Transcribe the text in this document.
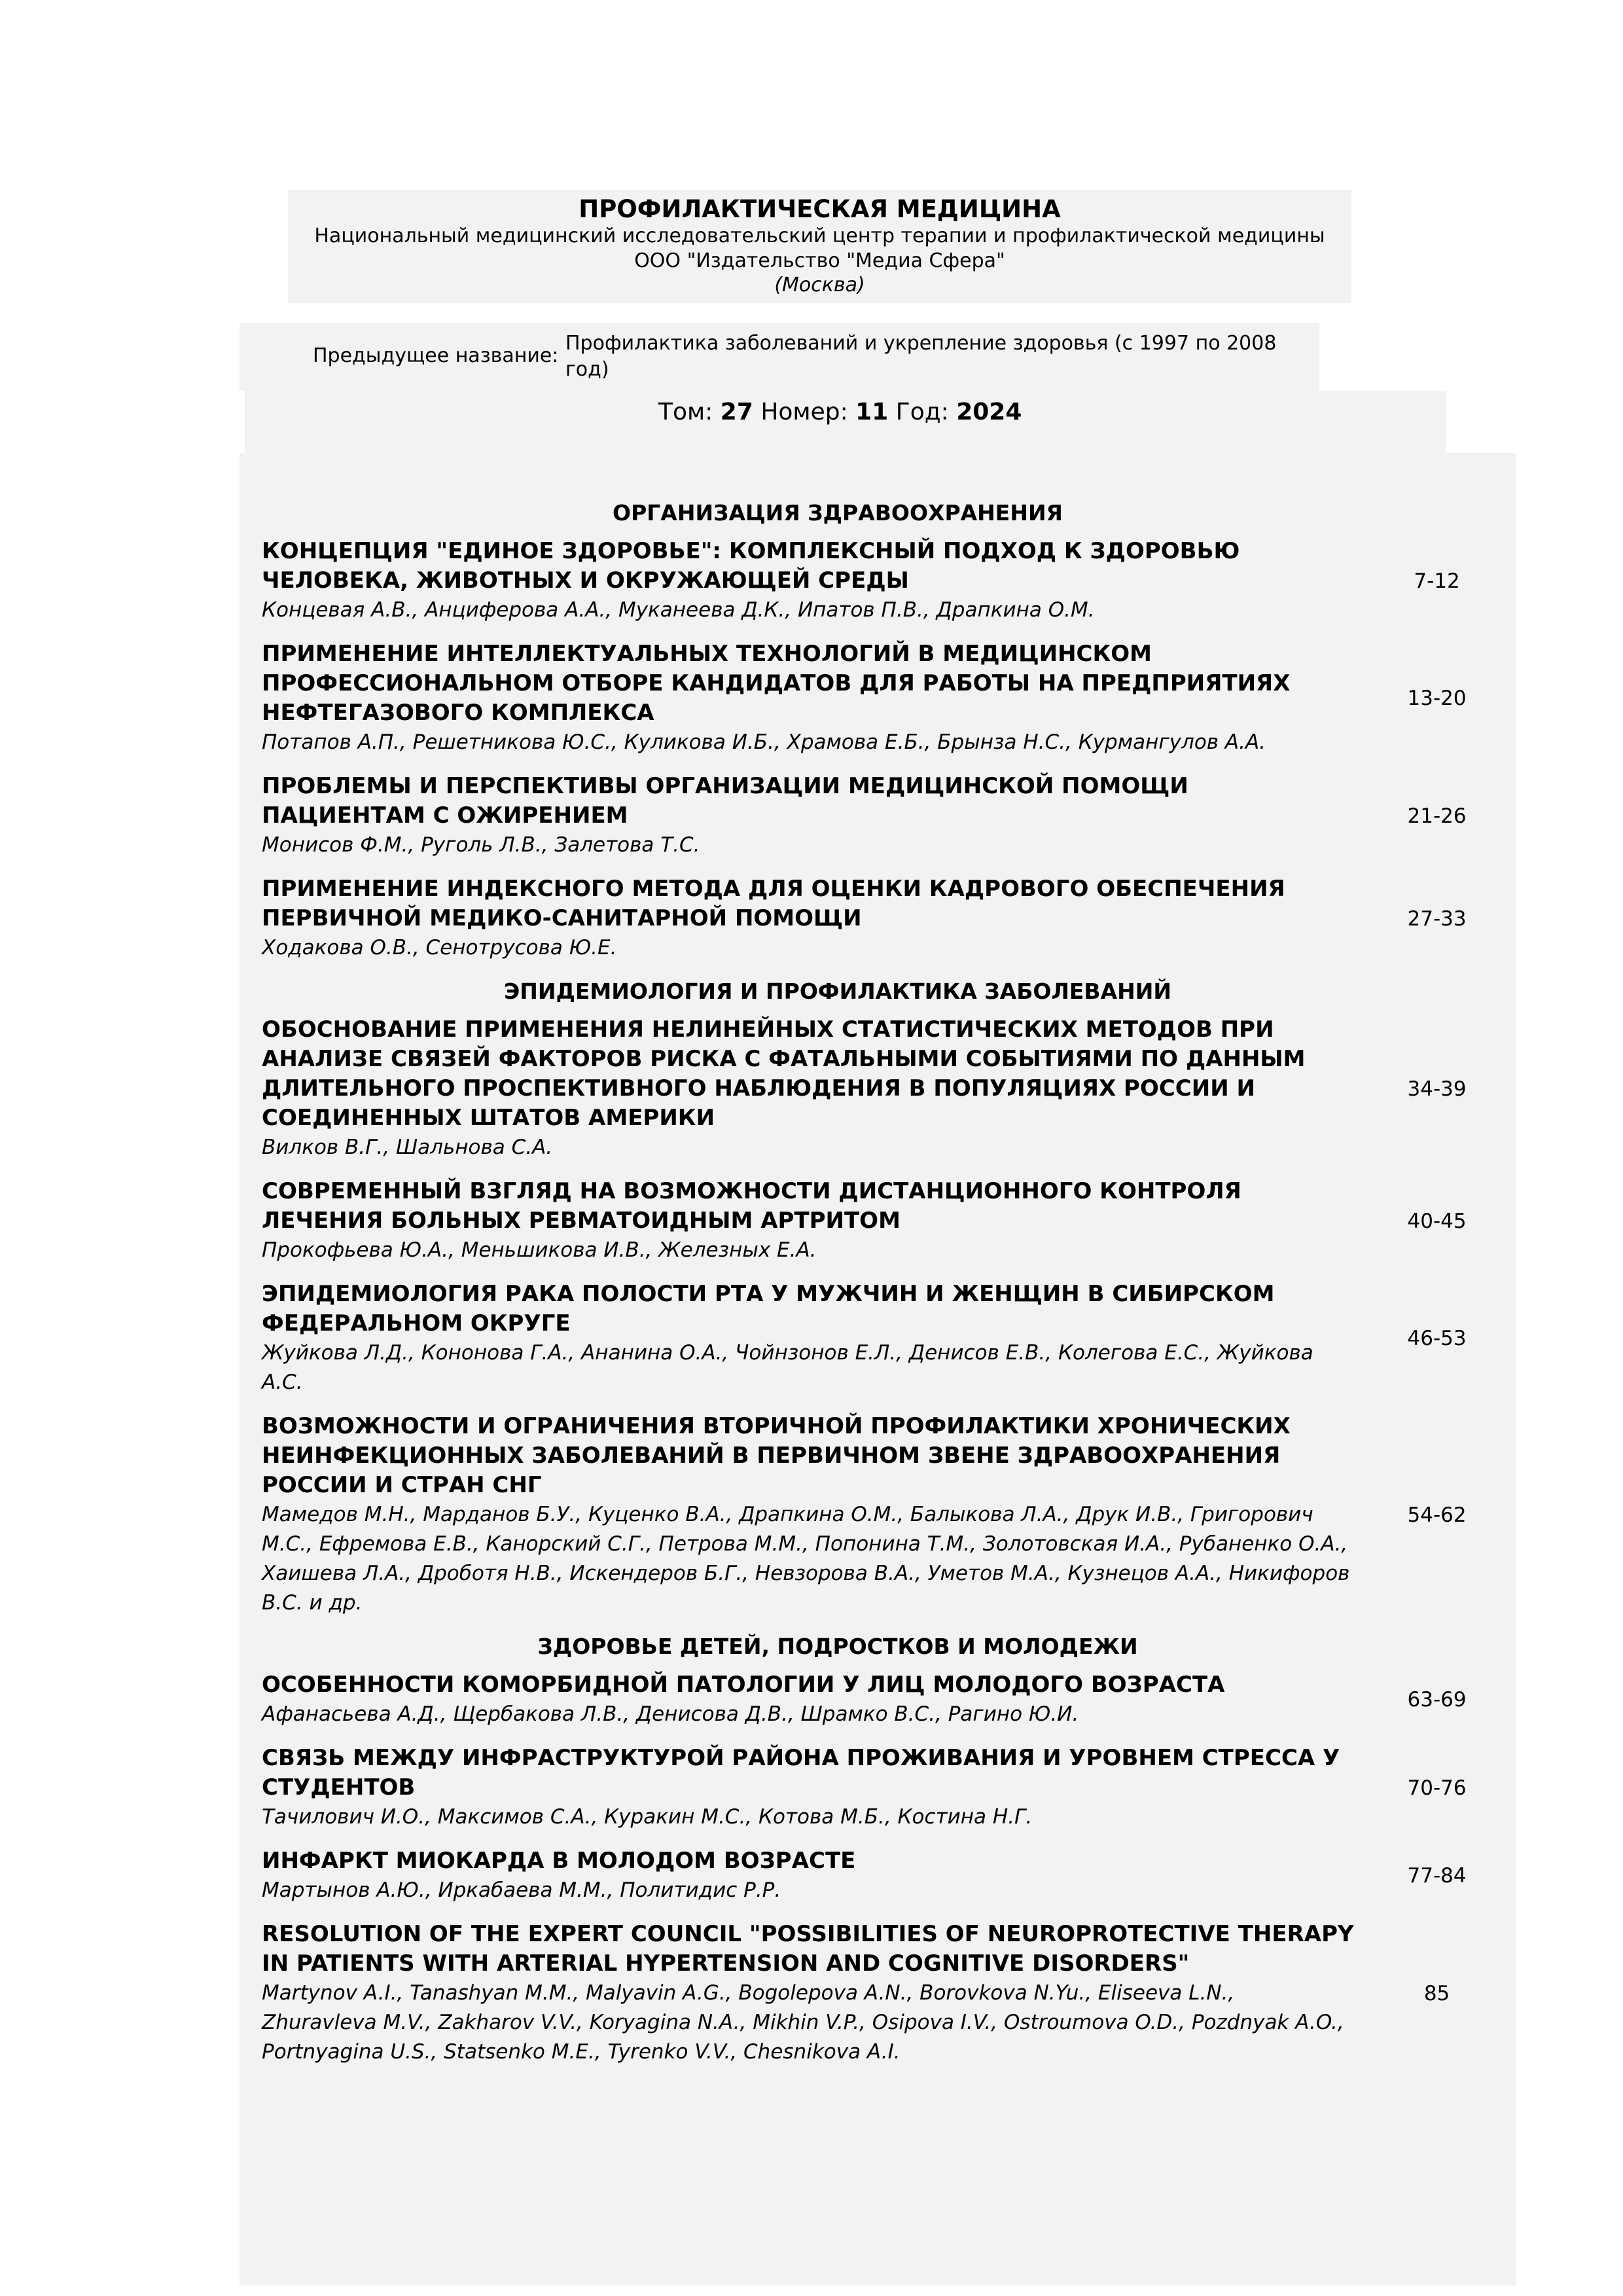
ПРОФИЛАКТИЧЕСКАЯ МЕДИЦИНА
Национальный медицинский исследовательский центр терапии и профилактической медицины
ООО "Издательство "Медиа Сфера"
(Москва)
Предыдущее название:
Профилактика заболеваний и укрепление здоровья (с 1997 по 2008 год)
Том: 27 Номер: 11 Год: 2024
ОРГАНИЗАЦИЯ ЗДРАВООХРАНЕНИЯ
КОНЦЕПЦИЯ "ЕДИНОЕ ЗДОРОВЬЕ": КОМПЛЕКСНЫЙ ПОДХОД К ЗДОРОВЬЮ ЧЕЛОВЕКА, ЖИВОТНЫХ И ОКРУЖАЮЩЕЙ СРЕДЫ
Концевая А.В., Анциферова А.А., Муканеева Д.К., Ипатов П.В., Драпкина О.М.
7-12
ПРИМЕНЕНИЕ ИНТЕЛЛЕКТУАЛЬНЫХ ТЕХНОЛОГИЙ В МЕДИЦИНСКОМ ПРОФЕССИОНАЛЬНОМ ОТБОРЕ КАНДИДАТОВ ДЛЯ РАБОТЫ НА ПРЕДПРИЯТИЯХ НЕФТЕГАЗОВОГО КОМПЛЕКСА
Потапов А.П., Решетникова Ю.С., Куликова И.Б., Храмова Е.Б., Брынза Н.С., Курмангулов А.А.
13-20
ПРОБЛЕМЫ И ПЕРСПЕКТИВЫ ОРГАНИЗАЦИИ МЕДИЦИНСКОЙ ПОМОЩИ ПАЦИЕНТАМ С ОЖИРЕНИЕМ
Монисов Ф.М., Руголь Л.В., Залетова Т.С.
21-26
ПРИМЕНЕНИЕ ИНДЕКСНОГО МЕТОДА ДЛЯ ОЦЕНКИ КАДРОВОГО ОБЕСПЕЧЕНИЯ ПЕРВИЧНОЙ МЕДИКО-САНИТАРНОЙ ПОМОЩИ
Ходакова О.В., Сенотрусова Ю.Е.
27-33
ЭПИДЕМИОЛОГИЯ И ПРОФИЛАКТИКА ЗАБОЛЕВАНИЙ
ОБОСНОВАНИЕ ПРИМЕНЕНИЯ НЕЛИНЕЙНЫХ СТАТИСТИЧЕСКИХ МЕТОДОВ ПРИ АНАЛИЗЕ СВЯЗЕЙ ФАКТОРОВ РИСКА С ФАТАЛЬНЫМИ СОБЫТИЯМИ ПО ДАННЫМ ДЛИТЕЛЬНОГО ПРОСПЕКТИВНОГО НАБЛЮДЕНИЯ В ПОПУЛЯЦИЯХ РОССИИ И СОЕДИНЕННЫХ ШТАТОВ АМЕРИКИ
Вилков В.Г., Шальнова С.А.
34-39
СОВРЕМЕННЫЙ ВЗГЛЯД НА ВОЗМОЖНОСТИ ДИСТАНЦИОННОГО КОНТРОЛЯ ЛЕЧЕНИЯ БОЛЬНЫХ РЕВМАТОИДНЫМ АРТРИТОМ
Прокофьева Ю.А., Меньшикова И.В., Железных Е.А.
40-45
ЭПИДЕМИОЛОГИЯ РАКА ПОЛОСТИ РТА У МУЖЧИН И ЖЕНЩИН В СИБИРСКОМ ФЕДЕРАЛЬНОМ ОКРУГЕ
Жуйкова Л.Д., Кононова Г.А., Ананина О.А., Чойнзонов Е.Л., Денисов Е.В., Колегова Е.С., Жуйкова А.С.
46-53
ВОЗМОЖНОСТИ И ОГРАНИЧЕНИЯ ВТОРИЧНОЙ ПРОФИЛАКТИКИ ХРОНИЧЕСКИХ НЕИНФЕКЦИОННЫХ ЗАБОЛЕВАНИЙ В ПЕРВИЧНОМ ЗВЕНЕ ЗДРАВООХРАНЕНИЯ РОССИИ И СТРАН СНГ
Мамедов М.Н., Марданов Б.У., Куценко В.А., Драпкина О.М., Балыкова Л.А., Друк И.В., Григорович М.С., Ефремова Е.В., Канорский С.Г., Петрова М.М., Попонина Т.М., Золотовская И.А., Рубаненко О.А., Хаишева Л.А., Дроботя Н.В., Искендеров Б.Г., Невзорова В.А., Уметов М.А., Кузнецов А.А., Никифоров В.С. и др.
54-62
ЗДОРОВЬЕ ДЕТЕЙ, ПОДРОСТКОВ И МОЛОДЕЖИ
ОСОБЕННОСТИ КОМОРБИДНОЙ ПАТОЛОГИИ У ЛИЦ МОЛОДОГО ВОЗРАСТА
Афанасьева А.Д., Щербакова Л.В., Денисова Д.В., Шрамко В.С., Рагино Ю.И.
63-69
СВЯЗЬ МЕЖДУ ИНФРАСТРУКТУРОЙ РАЙОНА ПРОЖИВАНИЯ И УРОВНЕМ СТРЕССА У СТУДЕНТОВ
Тачилович И.О., Максимов С.А., Куракин М.С., Котова М.Б., Костина Н.Г.
70-76
ИНФАРКТ МИОКАРДА В МОЛОДОМ ВОЗРАСТЕ
Мартынов А.Ю., Иркабаева М.М., Политидис Р.Р.
77-84
RESOLUTION OF THE EXPERT COUNCIL "POSSIBILITIES OF NEUROPROTECTIVE THERAPY IN PATIENTS WITH ARTERIAL HYPERTENSION AND COGNITIVE DISORDERS"
Martynov A.I., Tanashyan M.M., Malyavin A.G., Bogolepova A.N., Borovkova N.Yu., Eliseeva L.N., Zhuravleva M.V., Zakharov V.V., Koryagina N.A., Mikhin V.P., Osipova I.V., Ostroumova O.D., Pozdnyak A.O., Portnyagina U.S., Statsenko M.E., Tyrenko V.V., Chesnikova A.I.
85
